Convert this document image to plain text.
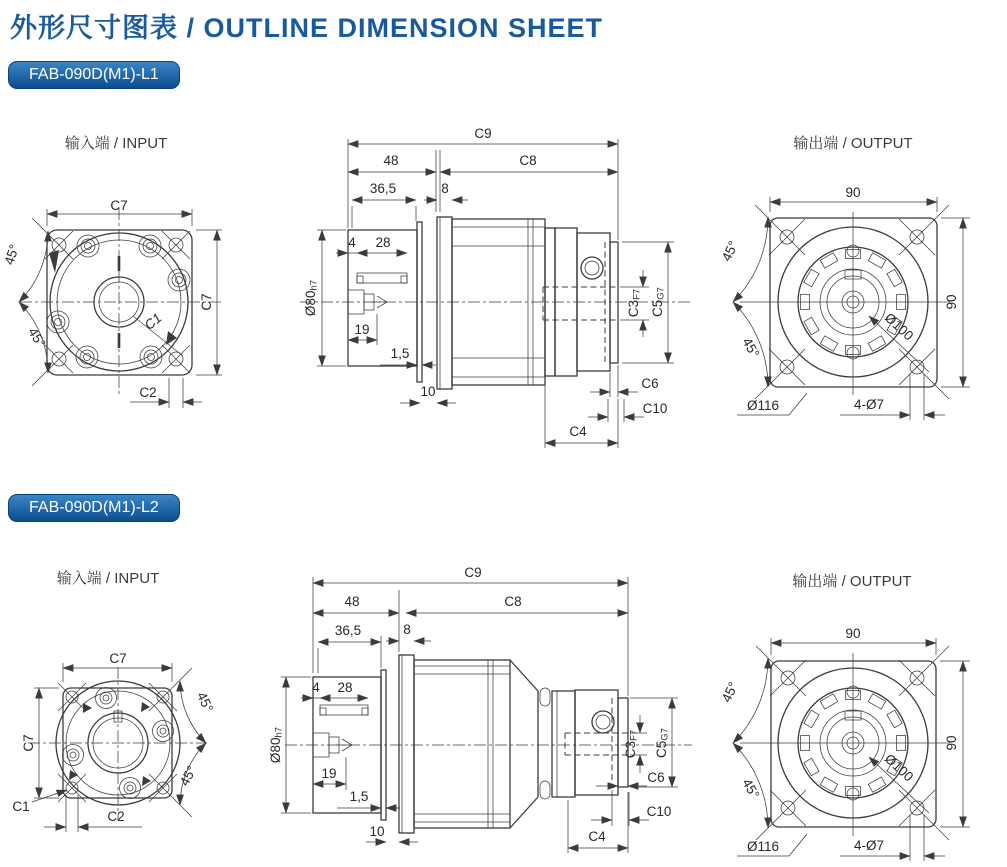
外形尺寸图表 / OUTLINE DIMENSION SHEET
FAB-090D(M1)-L1
FAB-090D(M1)-L2
输入端 / INPUT	输出端 / OUTPUT
C7
C7
C2
C1
45°
45°
C9
48	C8
36,5	8
4 28
Ø80h7
19
1,5
10
C3F7
C5G7
C6
C10
C4
90
90
Ø100
Ø116	4-Ø7
45°
45°
输入端 / INPUT	输出端 / OUTPUT
C7
C7
C1
C2
45°
45°
C9
48	C8
36,5	8
4 28
Ø80h7
19
1,5
10
C3F7
C5G7
C6
C10
C4
90
90
Ø100
Ø116	4-Ø7
45°
45°
